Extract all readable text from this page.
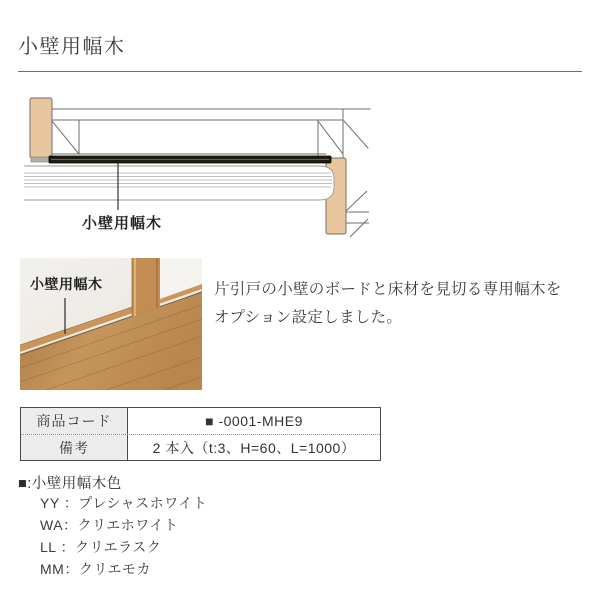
小壁用幅木
小壁用幅木
小壁用幅木	片引戸の小壁のボードと床材を見切る専用幅木を
オプション設定しました。
商品コード	■ -0001-MHE9
備考	2 本入（t:3、H=60、L=1000）
■:小壁用幅木色
YY ：プレシャスホワイト
WA：クリエホワイト
LL ：クリエラスク
MM：クリエモカ
